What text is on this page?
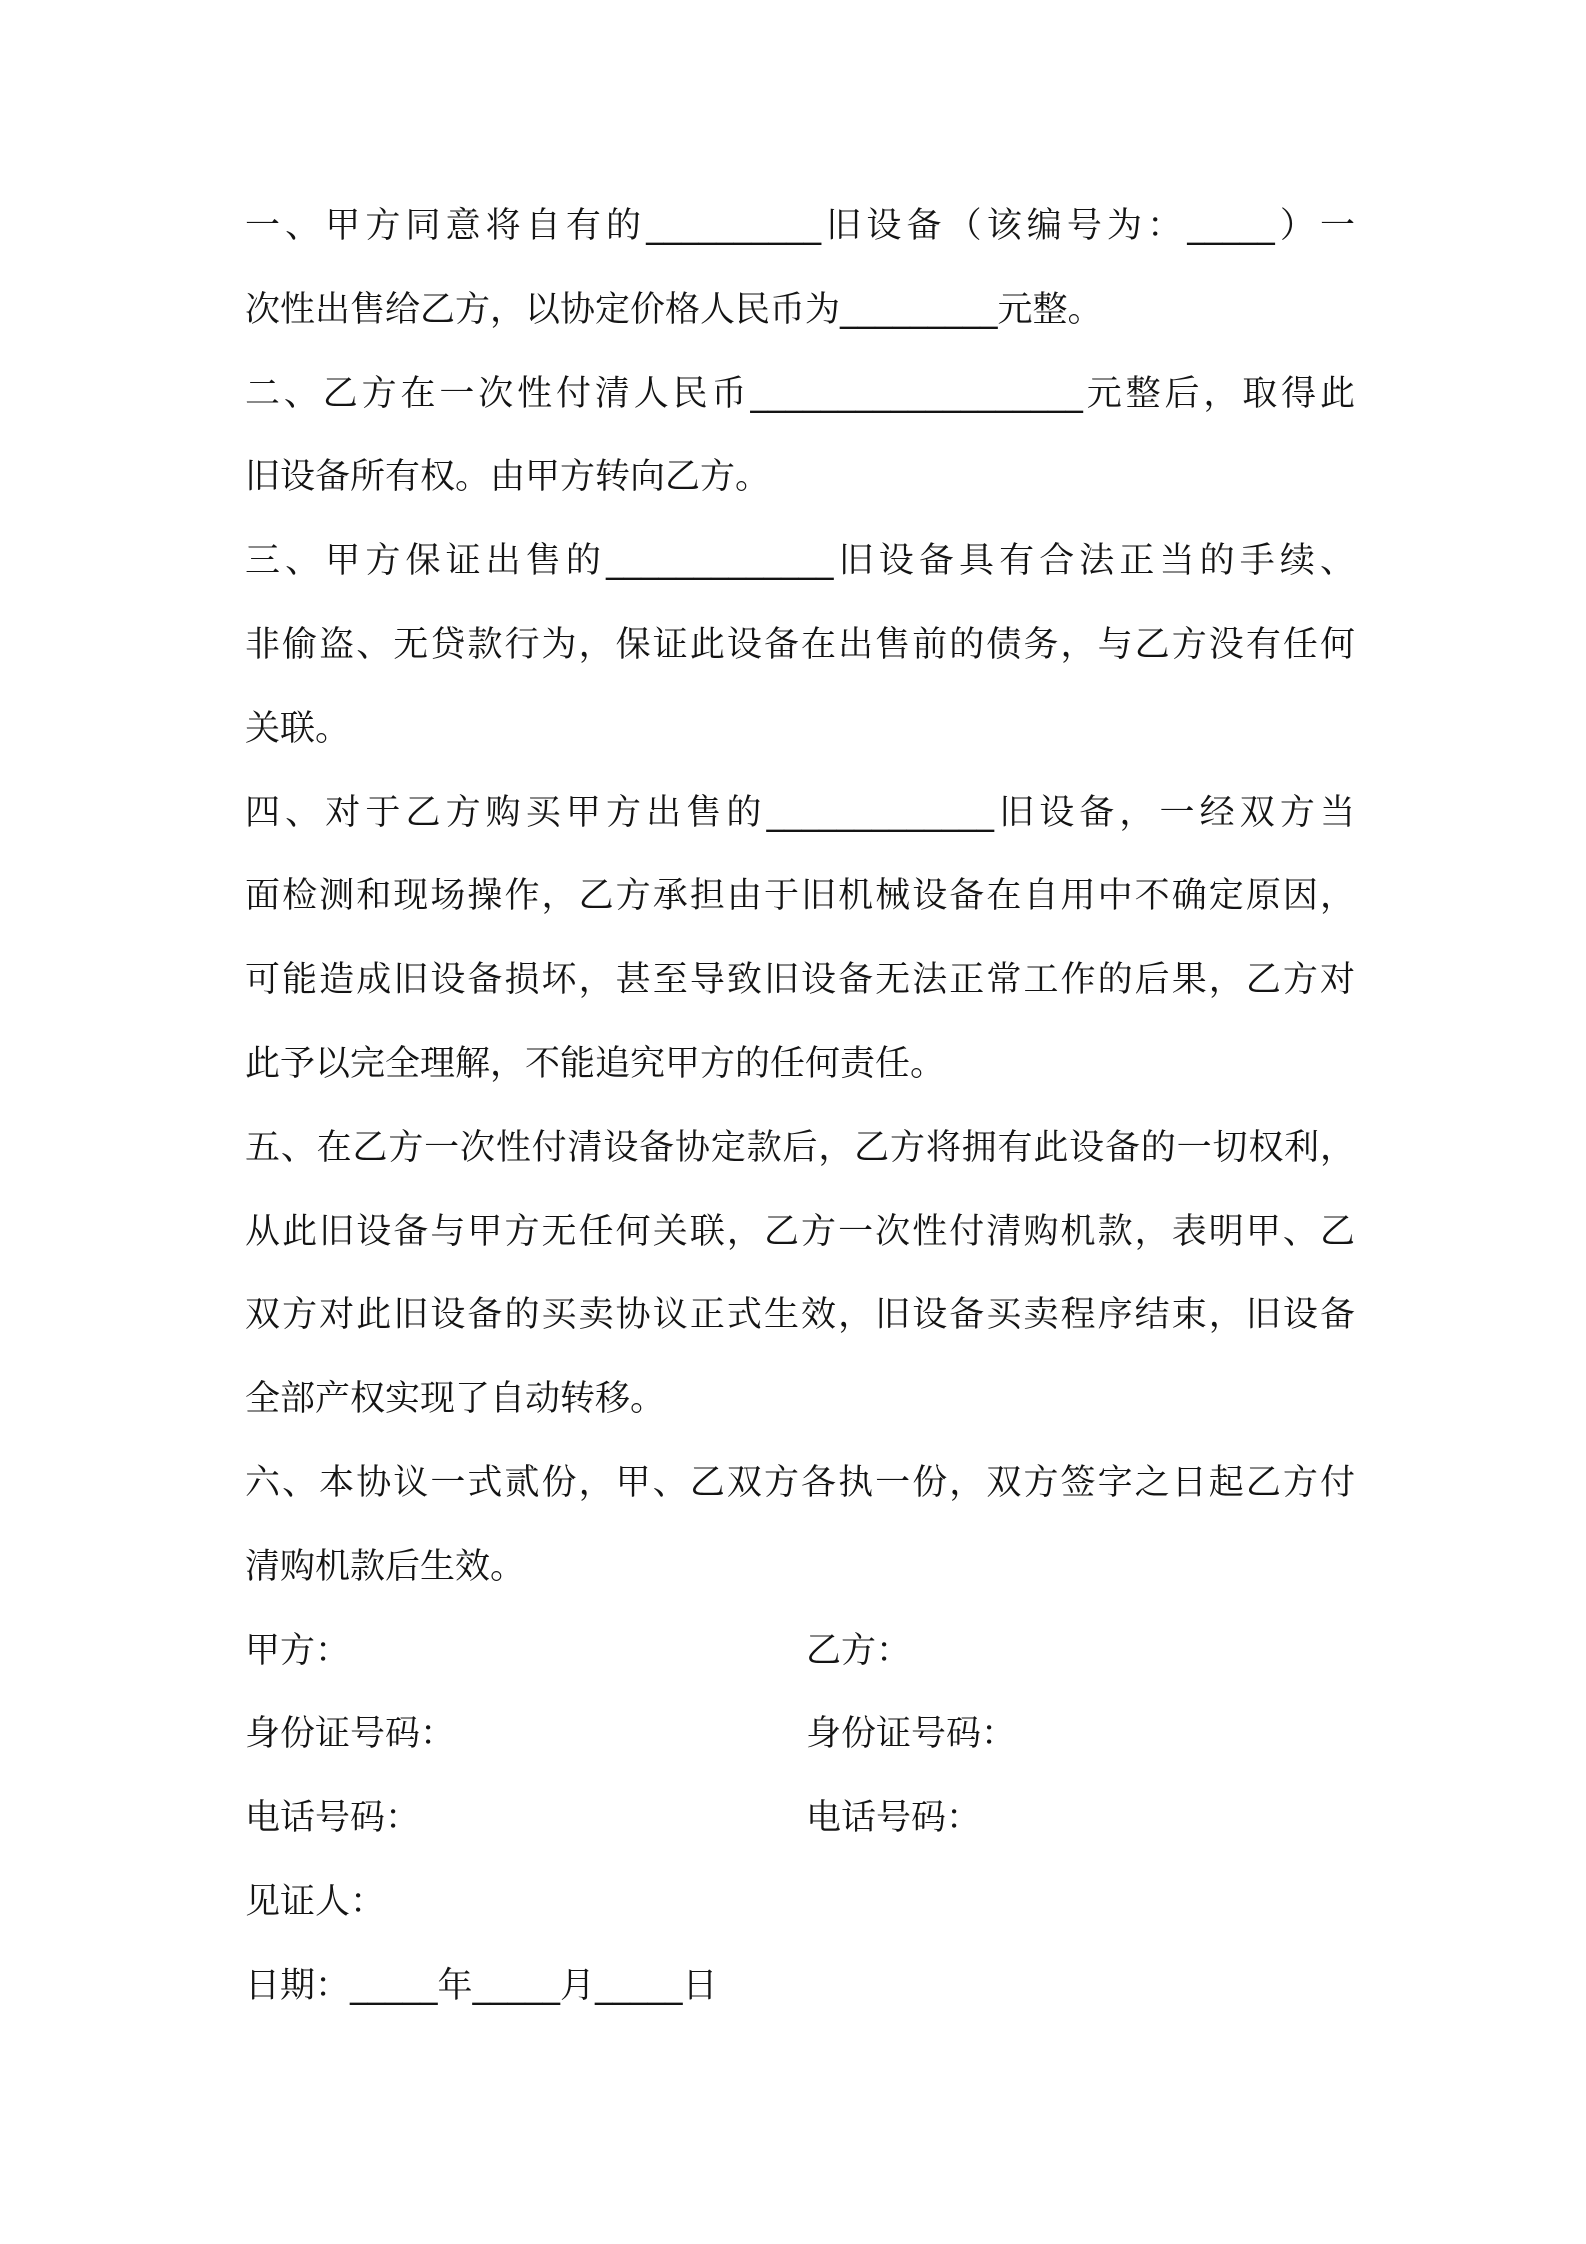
一、甲方同意将自有的__________旧设备（该编号为：_____）一
次性出售给乙方，以协定价格人民币为_________元整。
二、乙方在一次性付清人民币___________________元整后，取得此
旧设备所有权。由甲方转向乙方。
三、甲方保证出售的_____________旧设备具有合法正当的手续、
非偷盗、无贷款行为，保证此设备在出售前的债务，与乙方没有任何
关联。
四、对于乙方购买甲方出售的_____________旧设备，一经双方当
面检测和现场操作，乙方承担由于旧机械设备在自用中不确定原因，
可能造成旧设备损坏，甚至导致旧设备无法正常工作的后果，乙方对
此予以完全理解，不能追究甲方的任何责任。
五、在乙方一次性付清设备协定款后，乙方将拥有此设备的一切权利，
从此旧设备与甲方无任何关联，乙方一次性付清购机款，表明甲、乙
双方对此旧设备的买卖协议正式生效，旧设备买卖程序结束，旧设备
全部产权实现了自动转移。
六、本协议一式贰份，甲、乙双方各执一份，双方签字之日起乙方付
清购机款后生效。
甲方：	乙方：
身份证号码：	身份证号码：
电话号码：	电话号码：
见证人：
日期：_____年_____月_____日
